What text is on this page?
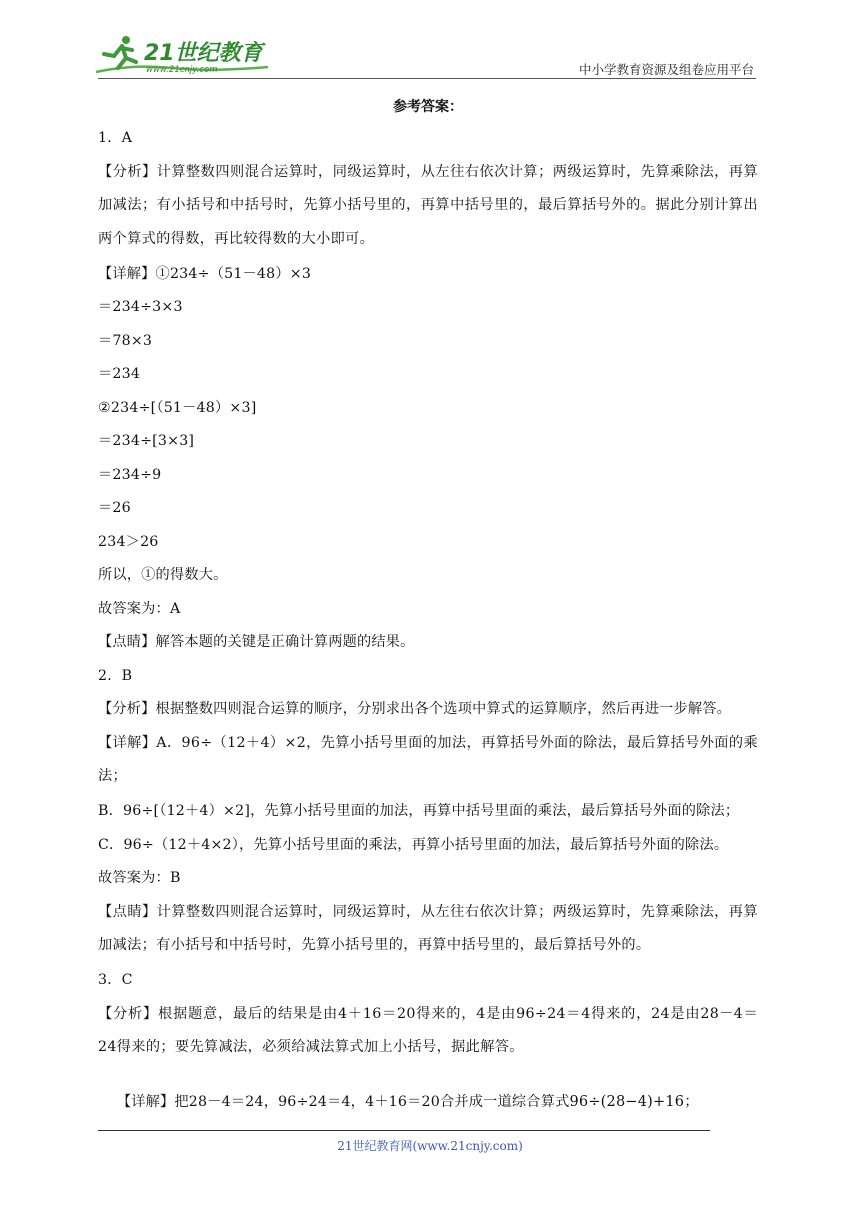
21世纪教育
www.21cnjy.com	中小学教育资源及组卷应用平台
参考答案：
1．A
【分析】计算整数四则混合运算时，同级运算时，从左往右依次计算；两级运算时，先算乘除法，再算加减法；有小括号和中括号时，先算小括号里的，再算中括号里的，最后算括号外的。据此分别计算出两个算式的得数，再比较得数的大小即可。
【详解】①234÷（51－48）×3
＝234÷3×3
＝78×3
＝234
②234÷[（51－48）×3]
＝234÷[3×3]
＝234÷9
＝26
234＞26
所以，①的得数大。
故答案为：A
【点睛】解答本题的关键是正确计算两题的结果。
2．B
【分析】根据整数四则混合运算的顺序，分别求出各个选项中算式的运算顺序，然后再进一步解答。
【详解】A．96÷（12＋4）×2，先算小括号里面的加法，再算括号外面的除法，最后算括号外面的乘法；
B．96÷[（12＋4）×2]，先算小括号里面的加法，再算中括号里面的乘法，最后算括号外面的除法；
C．96÷（12＋4×2），先算小括号里面的乘法，再算小括号里面的加法，最后算括号外面的除法。
故答案为：B
【点睛】计算整数四则混合运算时，同级运算时，从左往右依次计算；两级运算时，先算乘除法，再算加减法；有小括号和中括号时，先算小括号里的，再算中括号里的，最后算括号外的。
3．C
【分析】根据题意，最后的结果是由4＋16＝20得来的，4是由96÷24＝4得来的，24是由28－4＝24得来的；要先算减法，必须给减法算式加上小括号，据此解答。

【详解】把28－4＝24，96÷24＝4，4＋16＝20合并成一道综合算式96÷(28−4)+16；

21世纪教育网(www.21cnjy.com)
